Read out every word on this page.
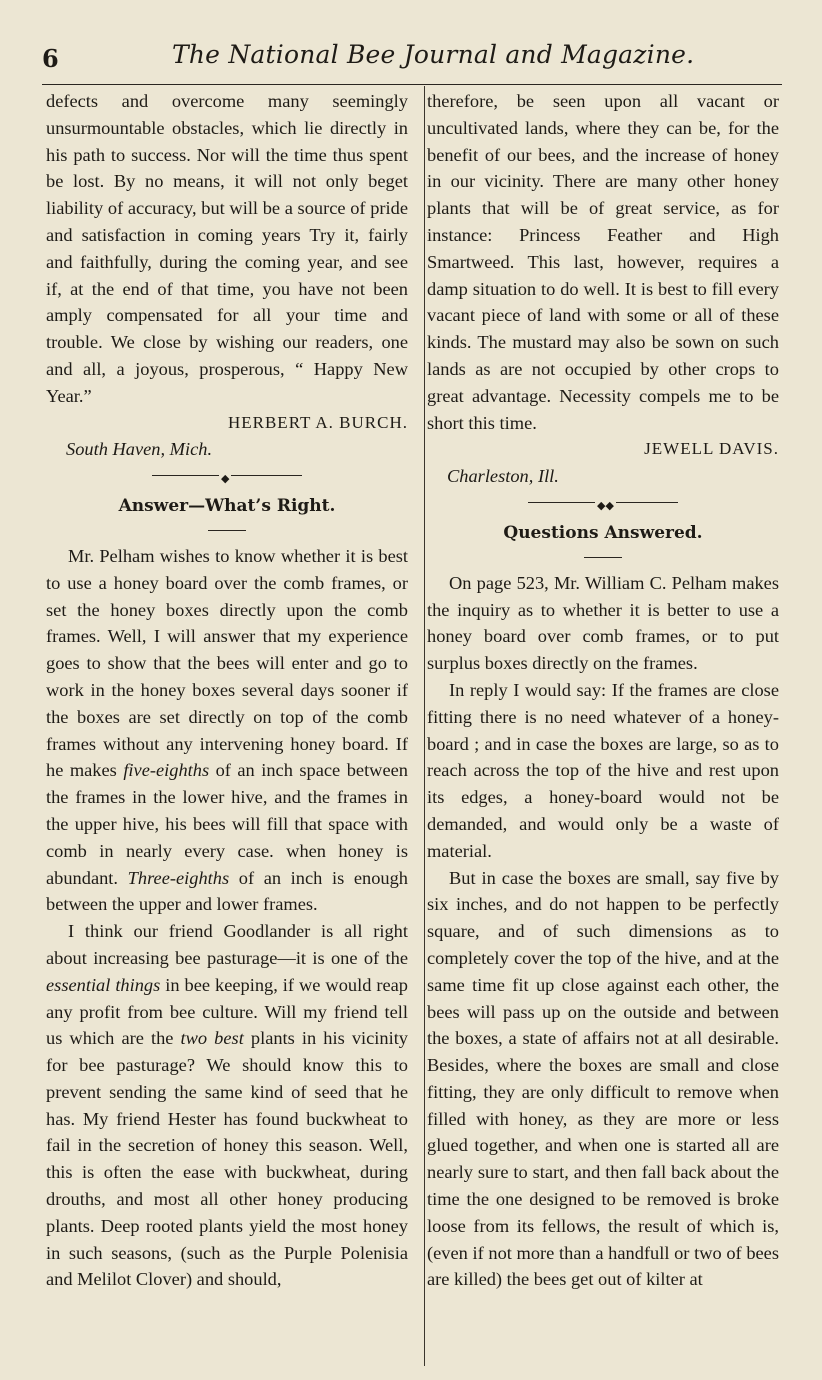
6	The National Bee Journal and Magazine.

defects and overcome many seemingly unsurmountable obstacles, which lie directly in his path to success. Nor will the time thus spent be lost. By no means, it will not only beget liability of accuracy, but will be a source of pride and satisfaction in coming years Try it, fairly and faithfully, during the coming year, and see if, at the end of that time, you have not been amply compensated for all your time and trouble. We close by wishing our readers, one and all, a joyous, prosperous, “ Happy New Year.”

HERBERT A. BURCH.

South Haven, Mich.

◆
Answer—What’s Right.

Mr. Pelham wishes to know whether it is best to use a honey board over the comb frames, or set the honey boxes directly upon the comb frames. Well, I will answer that my experience goes to show that the bees will enter and go to work in the honey boxes several days sooner if the boxes are set directly on top of the comb frames without any intervening honey board. If he makes five-eighths of an inch space between the frames in the lower hive, and the frames in the upper hive, his bees will fill that space with comb in nearly every case. when honey is abundant. Three-eighths of an inch is enough between the upper and lower frames.

I think our friend Goodlander is all right about increasing bee pasturage—it is one of the essential things in bee keeping, if we would reap any profit from bee culture. Will my friend tell us which are the two best plants in his vicinity for bee pasturage? We should know this to prevent sending the same kind of seed that he has. My friend Hester has found buckwheat to fail in the secretion of honey this season. Well, this is often the ease with buckwheat, during drouths, and most all other honey producing plants. Deep rooted plants yield the most honey in such seasons, (such as the Purple Polenisia and Melilot Clover) and should,

therefore, be seen upon all vacant or uncultivated lands, where they can be, for the benefit of our bees, and the increase of honey in our vicinity. There are many other honey plants that will be of great service, as for instance: Princess Feather and High Smartweed. This last, however, requires a damp situation to do well. It is best to fill every vacant piece of land with some or all of these kinds. The mustard may also be sown on such lands as are not occupied by other crops to great advantage. Necessity compels me to be short this time.

JEWELL DAVIS.

Charleston, Ill.

◆◆
Questions Answered.

On page 523, Mr. William C. Pelham makes the inquiry as to whether it is better to use a honey board over comb frames, or to put surplus boxes directly on the frames.

In reply I would say: If the frames are close fitting there is no need whatever of a honey-board ; and in case the boxes are large, so as to reach across the top of the hive and rest upon its edges, a honey-board would not be demanded, and would only be a waste of material.

But in case the boxes are small, say five by six inches, and do not happen to be perfectly square, and of such dimensions as to completely cover the top of the hive, and at the same time fit up close against each other, the bees will pass up on the outside and between the boxes, a state of affairs not at all desirable. Besides, where the boxes are small and close fitting, they are only difficult to remove when filled with honey, as they are more or less glued together, and when one is started all are nearly sure to start, and then fall back about the time the one designed to be removed is broke loose from its fellows, the result of which is, (even if not more than a handfull or two of bees are killed) the bees get out of kilter at
